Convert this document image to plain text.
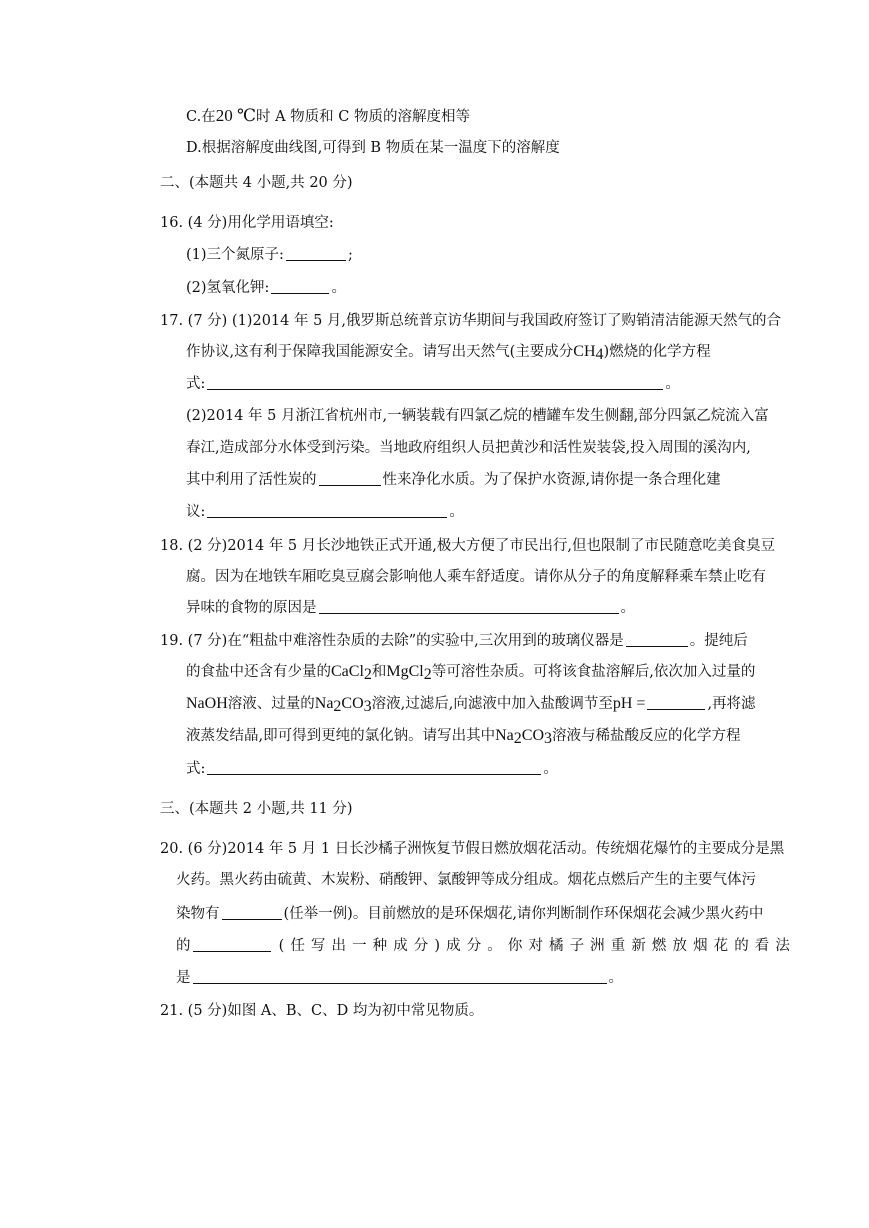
C.在20 ℃时 A 物质和 C 物质的溶解度相等
D.根据溶解度曲线图,可得到 B 物质在某一温度下的溶解度
二、(本题共 4 小题,共 20 分)
16. (4 分)用化学用语填空:
(1)三个氮原子:	;
(2)氢氧化钾:	。
17. (7 分) (1)2014 年 5 月,俄罗斯总统普京访华期间与我国政府签订了购销清洁能源天然气的合
作协议,这有利于保障我国能源安全。请写出天然气(主要成分$CH_4$)燃烧的化学方程
式:	。
(2)2014 年 5 月浙江省杭州市,一辆装载有四氯乙烷的槽罐车发生侧翻,部分四氯乙烷流入富
春江,造成部分水体受到污染。当地政府组织人员把黄沙和活性炭装袋,投入周围的溪沟内,
其中利用了活性炭的	性来净化水质。为了保护水资源,请你提一条合理化建
议:	。
18. (2 分)2014 年 5 月长沙地铁正式开通,极大方便了市民出行,但也限制了市民随意吃美食臭豆
腐。因为在地铁车厢吃臭豆腐会影响他人乘车舒适度。请你从分子的角度解释乘车禁止吃有
异味的食物的原因是	。
19. (7 分)在“粗盐中难溶性杂质的去除”的实验中,三次用到的玻璃仪器是	。提纯后
的食盐中还含有少量的CaCl$_2$和MgCl$_2$等可溶性杂质。可将该食盐溶解后,依次加入过量的
NaOH溶液、过量的$Na_2CO_3$溶液,过滤后,向滤液中加入盐酸调节至pH =	,再将滤
液蒸发结晶,即可得到更纯的氯化钠。请写出其中$Na_2CO_3$溶液与稀盐酸反应的化学方程
式:	。
三、(本题共 2 小题,共 11 分)
20. (6 分)2014 年 5 月 1 日长沙橘子洲恢复节假日燃放烟花活动。传统烟花爆竹的主要成分是黑
火药。黑火药由硫黄、木炭粉、硝酸钾、氯酸钾等成分组成。烟花点燃后产生的主要气体污
染物有	(任举一例)。目前燃放的是环保烟花,请你判断制作环保烟花会减少黑火药中
的	( 任 写 出 一 种 成 分 ) 成 分 。 你 对 橘 子 洲 重 新 燃 放 烟 花 的 看 法
是	。
21. (5 分)如图 A、B、C、D 均为初中常见物质。
